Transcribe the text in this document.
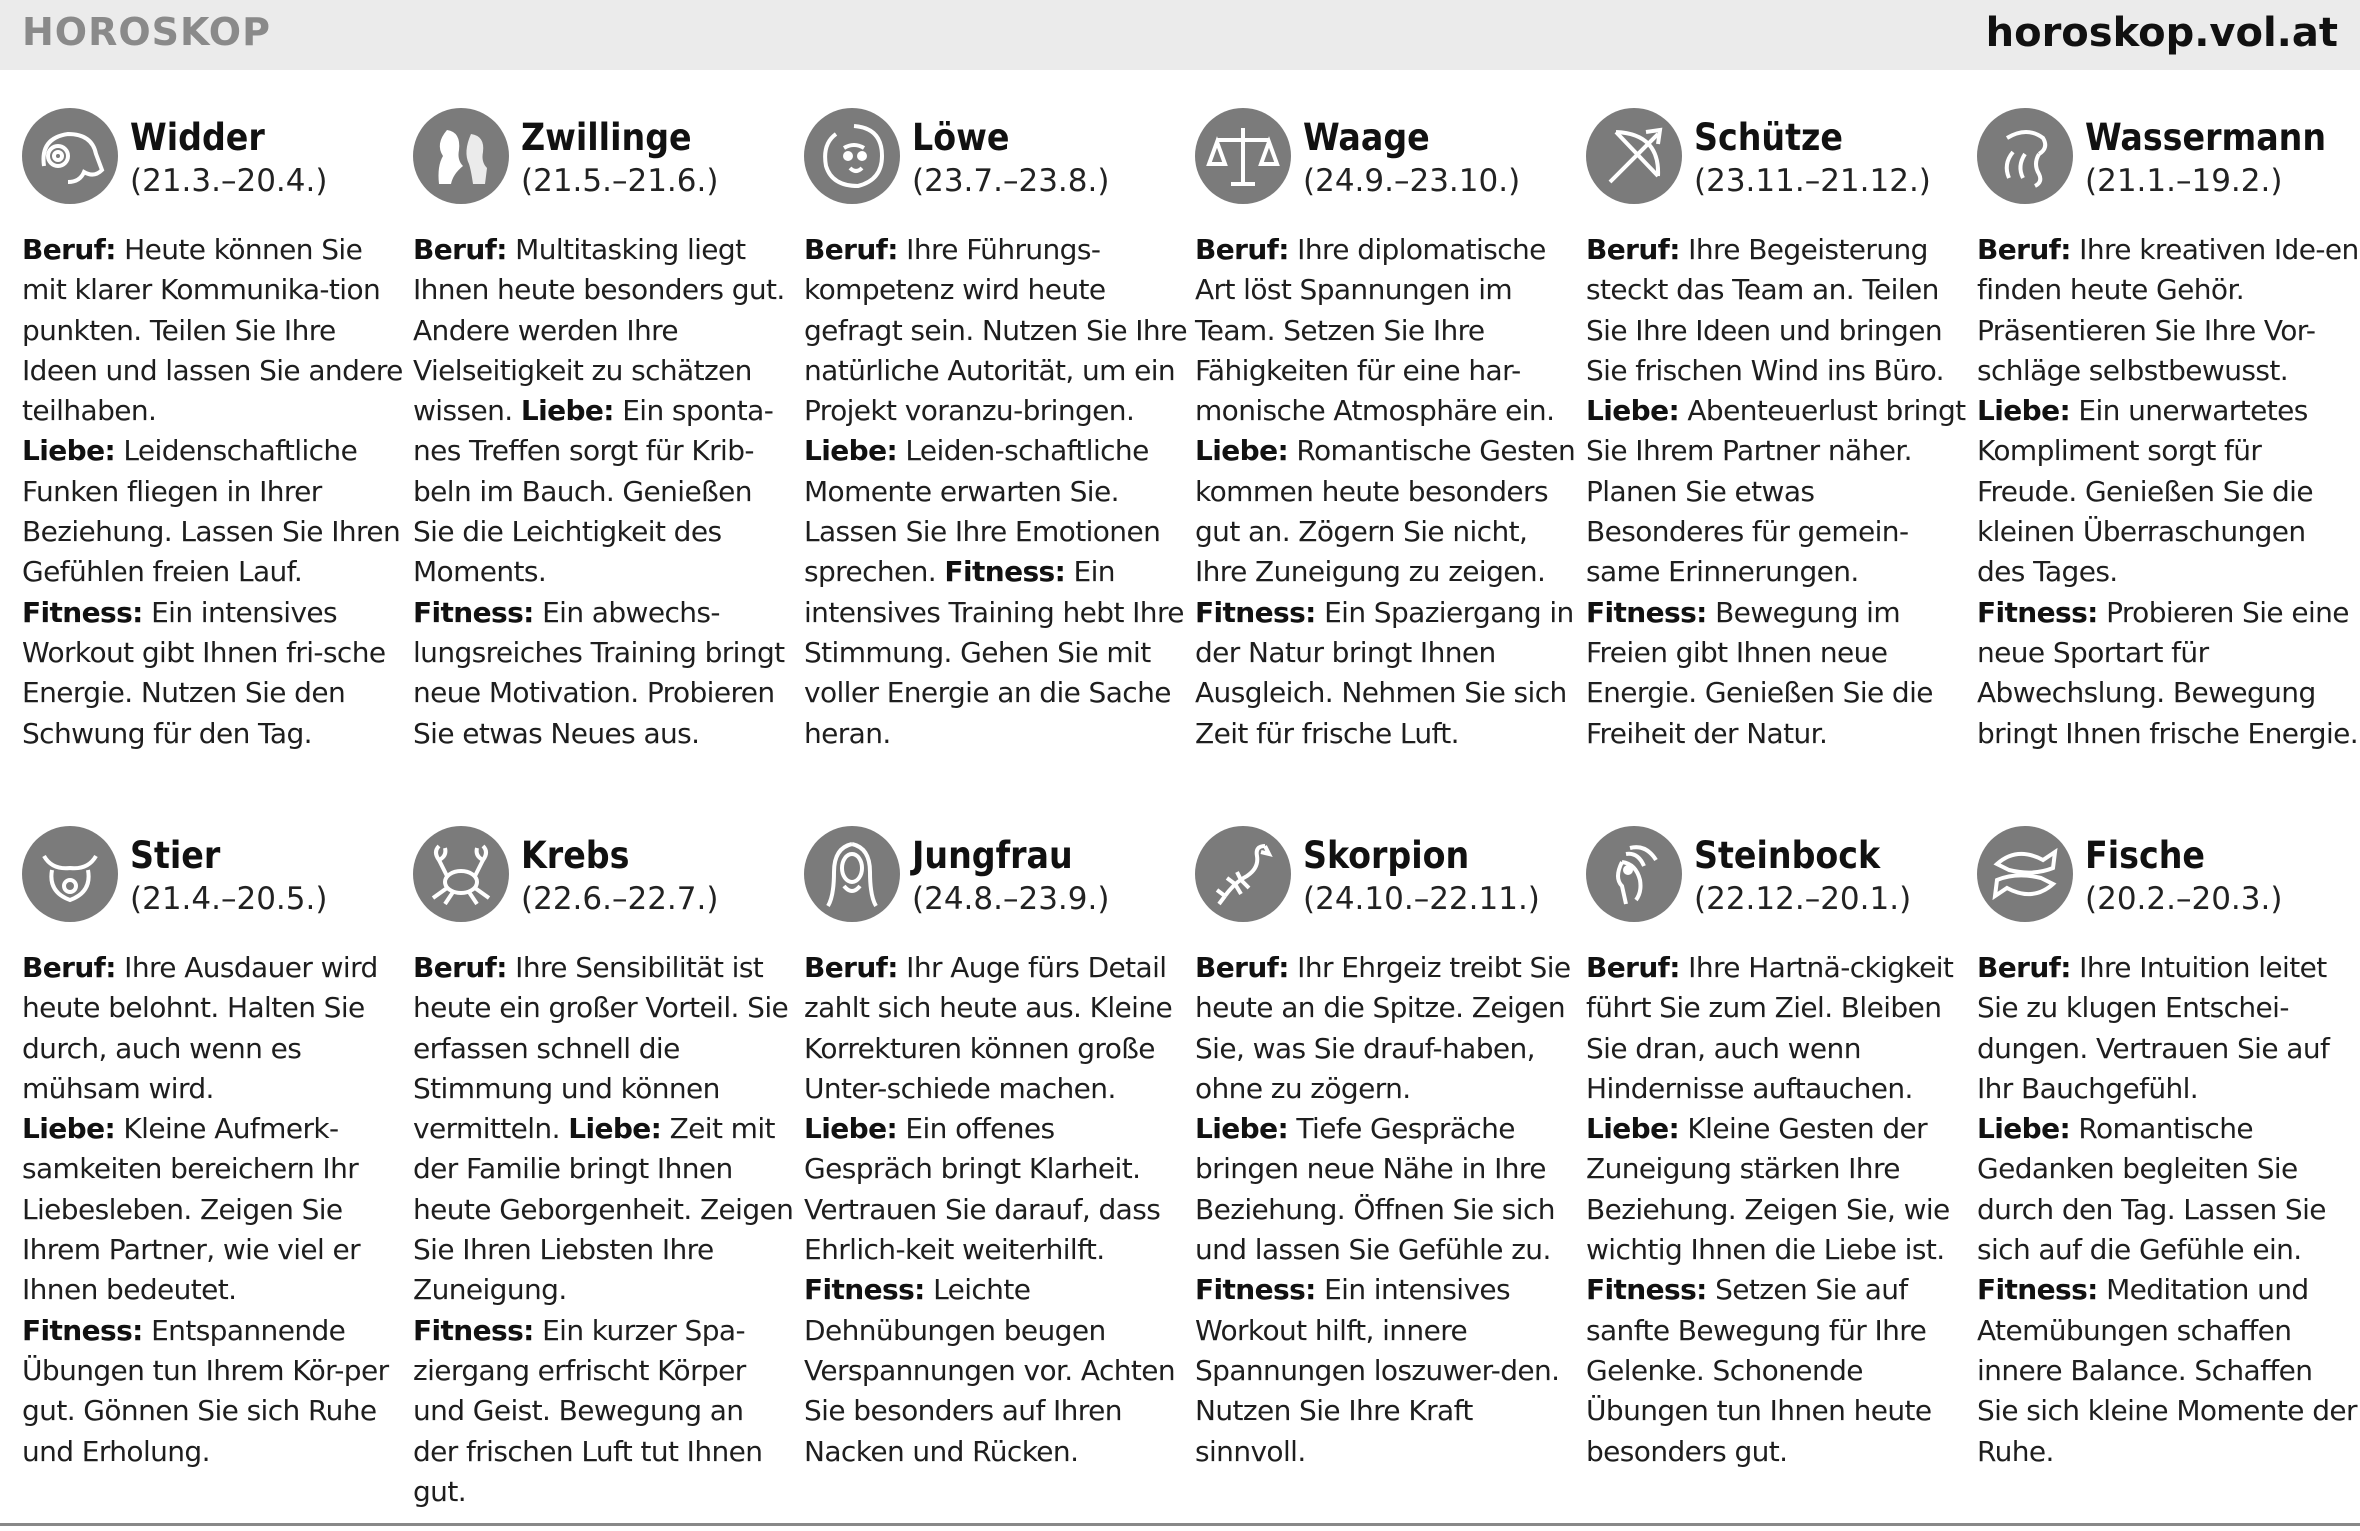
HOROSKOP	horoskop.vol.at
Widder
(21.3.–20.4.)
Beruf: Heute können Sie mit klarer Kommunika-tion punkten. Teilen Sie Ihre Ideen und lassen Sie andere teilhaben.
Liebe: Leidenschaftliche Funken fliegen in Ihrer Beziehung. Lassen Sie Ihren Gefühlen freien Lauf.
Fitness: Ein intensives Workout gibt Ihnen fri-sche Energie. Nutzen Sie den Schwung für den Tag.
Zwillinge
(21.5.–21.6.)
Beruf: Multitasking liegt Ihnen heute besonders gut. Andere werden Ihre Vielseitigkeit zu schätzen wissen. Liebe: Ein sponta-nes Treffen sorgt für Krib-beln im Bauch. Genießen Sie die Leichtigkeit des Moments.
Fitness: Ein abwechs-lungsreiches Training bringt neue Motivation. Probieren Sie etwas Neues aus.
Löwe
(23.7.–23.8.)
Beruf: Ihre Führungs-kompetenz wird heute gefragt sein. Nutzen Sie Ihre natürliche Autorität, um ein Projekt voranzu-bringen. Liebe: Leiden-schaftliche Momente erwarten Sie. Lassen Sie Ihre Emotionen sprechen. Fitness: Ein intensives Training hebt Ihre Stimmung. Gehen Sie mit voller Energie an die Sache heran.
Waage
(24.9.–23.10.)
Beruf: Ihre diplomatische Art löst Spannungen im Team. Setzen Sie Ihre Fähigkeiten für eine har-monische Atmosphäre ein. Liebe: Romantische Gesten kommen heute besonders gut an. Zögern Sie nicht, Ihre Zuneigung zu zeigen. Fitness: Ein Spaziergang in der Natur bringt Ihnen Ausgleich. Nehmen Sie sich Zeit für frische Luft.
Schütze
(23.11.–21.12.)
Beruf: Ihre Begeisterung steckt das Team an. Teilen Sie Ihre Ideen und bringen Sie frischen Wind ins Büro.
Liebe: Abenteuerlust bringt Sie Ihrem Partner näher. Planen Sie etwas Besonderes für gemein-same Erinnerungen.
Fitness: Bewegung im Freien gibt Ihnen neue Energie. Genießen Sie die Freiheit der Natur.
Wassermann
(21.1.–19.2.)
Beruf: Ihre kreativen Ide-en finden heute Gehör. Präsentieren Sie Ihre Vor-schläge selbstbewusst.
Liebe: Ein unerwartetes Kompliment sorgt für Freude. Genießen Sie die kleinen Überraschungen des Tages.
Fitness: Probieren Sie eine neue Sportart für Abwechslung. Bewegung bringt Ihnen frische Energie.
Stier
(21.4.–20.5.)
Beruf: Ihre Ausdauer wird heute belohnt. Halten Sie durch, auch wenn es mühsam wird.
Liebe: Kleine Aufmerk-samkeiten bereichern Ihr Liebesleben. Zeigen Sie Ihrem Partner, wie viel er Ihnen bedeutet.
Fitness: Entspannende Übungen tun Ihrem Kör-per gut. Gönnen Sie sich Ruhe und Erholung.
Krebs
(22.6.–22.7.)
Beruf: Ihre Sensibilität ist heute ein großer Vorteil. Sie erfassen schnell die Stimmung und können vermitteln. Liebe: Zeit mit der Familie bringt Ihnen heute Geborgenheit. Zeigen Sie Ihren Liebsten Ihre Zuneigung.
Fitness: Ein kurzer Spa-ziergang erfrischt Körper und Geist. Bewegung an der frischen Luft tut Ihnen gut.
Jungfrau
(24.8.–23.9.)
Beruf: Ihr Auge fürs Detail zahlt sich heute aus. Kleine Korrekturen können große Unter-schiede machen. Liebe: Ein offenes Gespräch bringt Klarheit. Vertrauen Sie darauf, dass Ehrlich-keit weiterhilft. Fitness: Leichte Dehnübungen beugen Verspannungen vor. Achten Sie besonders auf Ihren Nacken und Rücken.
Skorpion
(24.10.–22.11.)
Beruf: Ihr Ehrgeiz treibt Sie heute an die Spitze. Zeigen Sie, was Sie drauf-haben, ohne zu zögern.
Liebe: Tiefe Gespräche bringen neue Nähe in Ihre Beziehung. Öffnen Sie sich und lassen Sie Gefühle zu.
Fitness: Ein intensives Workout hilft, innere Spannungen loszuwer-den. Nutzen Sie Ihre Kraft sinnvoll.
Steinbock
(22.12.–20.1.)
Beruf: Ihre Hartnä-ckigkeit führt Sie zum Ziel. Bleiben Sie dran, auch wenn Hindernisse auftauchen. Liebe: Kleine Gesten der Zuneigung stärken Ihre Beziehung. Zeigen Sie, wie wichtig Ihnen die Liebe ist.
Fitness: Setzen Sie auf sanfte Bewegung für Ihre Gelenke. Schonende Übungen tun Ihnen heute besonders gut.
Fische
(20.2.–20.3.)
Beruf: Ihre Intuition leitet Sie zu klugen Entschei-dungen. Vertrauen Sie auf Ihr Bauchgefühl.
Liebe: Romantische Gedanken begleiten Sie durch den Tag. Lassen Sie sich auf die Gefühle ein.
Fitness: Meditation und Atemübungen schaffen innere Balance. Schaffen Sie sich kleine Momente der Ruhe.
